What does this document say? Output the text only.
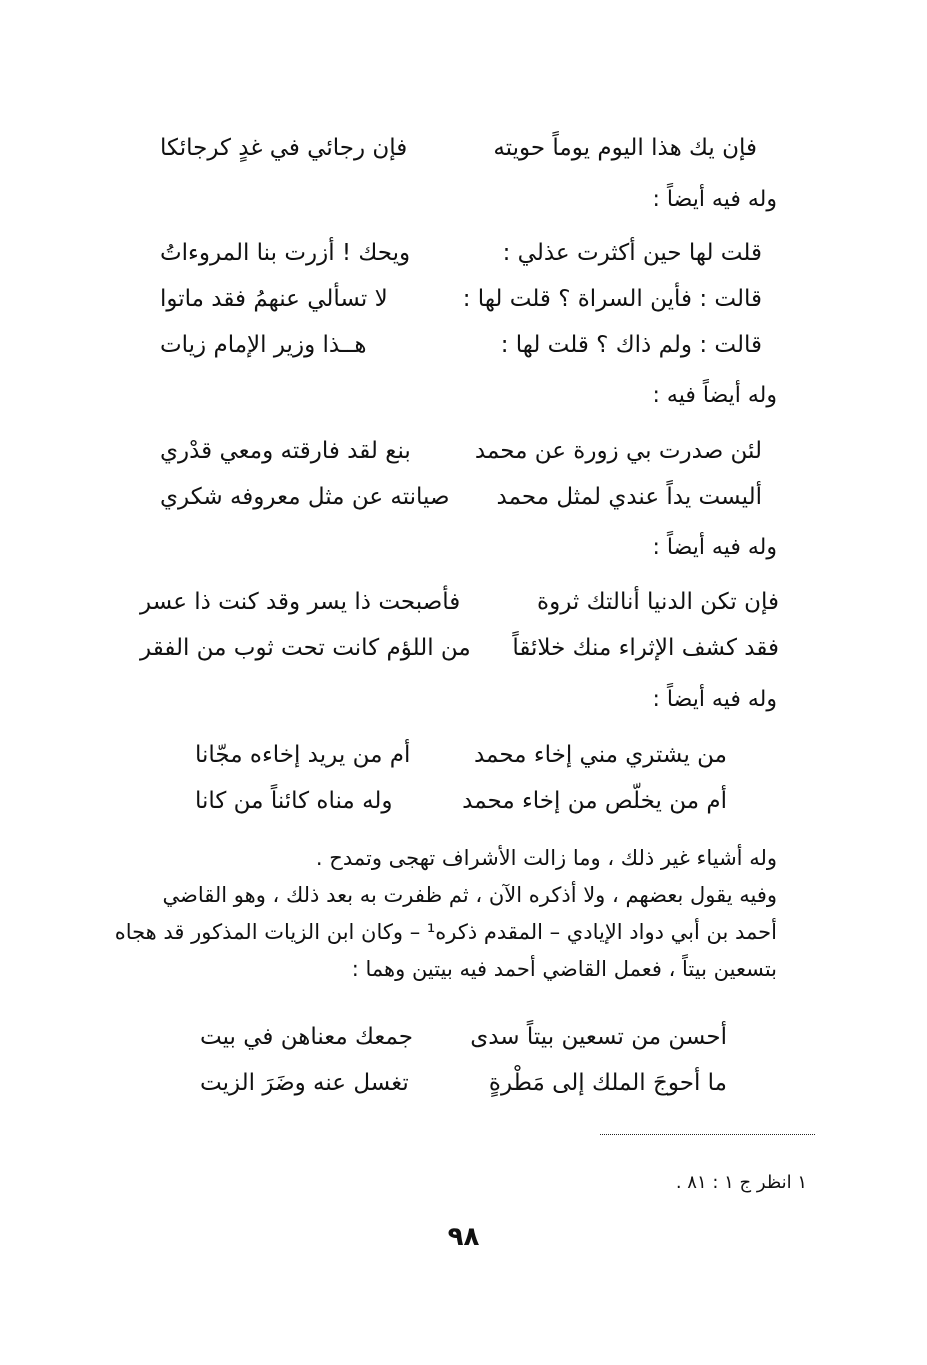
فإن يك هذا اليوم يوماً حويته
فإن رجائي في غدٍ كرجائكا
وله فيه أيضاً :
قلت لها حين أكثرت عذلي :
ويحك ! أزرت بنا المروءاتُ
قالت : فأين السراة ؟ قلت لها :
لا تسألي عنهمُ فقد ماتوا
قالت : ولم ذاك ؟ قلت لها :
هــذا وزير الإمام زيات
وله أيضاً فيه :
لئن صدرت بي زورة عن محمد
بنع لقد فارقته ومعي قدْري
أليست يداً عندي لمثل محمد
صيانته عن مثل معروفه شكري
وله فيه أيضاً :
فإن تكن الدنيا أنالتك ثروة
فأصبحت ذا يسر وقد كنت ذا عسر
فقد كشف الإثراء منك خلائقاً
من اللؤم كانت تحت ثوب من الفقر
وله فيه أيضاً :
من يشتري مني إخاء محمد
أم من يريد إخاءه مجّانا
أم من يخلّص من إخاء محمد
وله مناه كائناً من كانا
وله أشياء غير ذلك ، وما زالت الأشراف تهجى وتمدح .
وفيه يقول بعضهم ، ولا أذكره الآن ، ثم ظفرت به بعد ذلك ، وهو القاضي
أحمد بن أبي دواد الإيادي – المقدم ذكره¹ – وكان ابن الزيات المذكور قد هجاه
بتسعين بيتاً ، فعمل القاضي أحمد فيه بيتين وهما :
أحسن من تسعين بيتاً سدى
جمعك معناهن في بيت
ما أحوجَ الملك إلى مَطْرةٍ
تغسل عنه وضَرَ الزيت
١ انظر ج ١ : ٨١ .
٩٨
